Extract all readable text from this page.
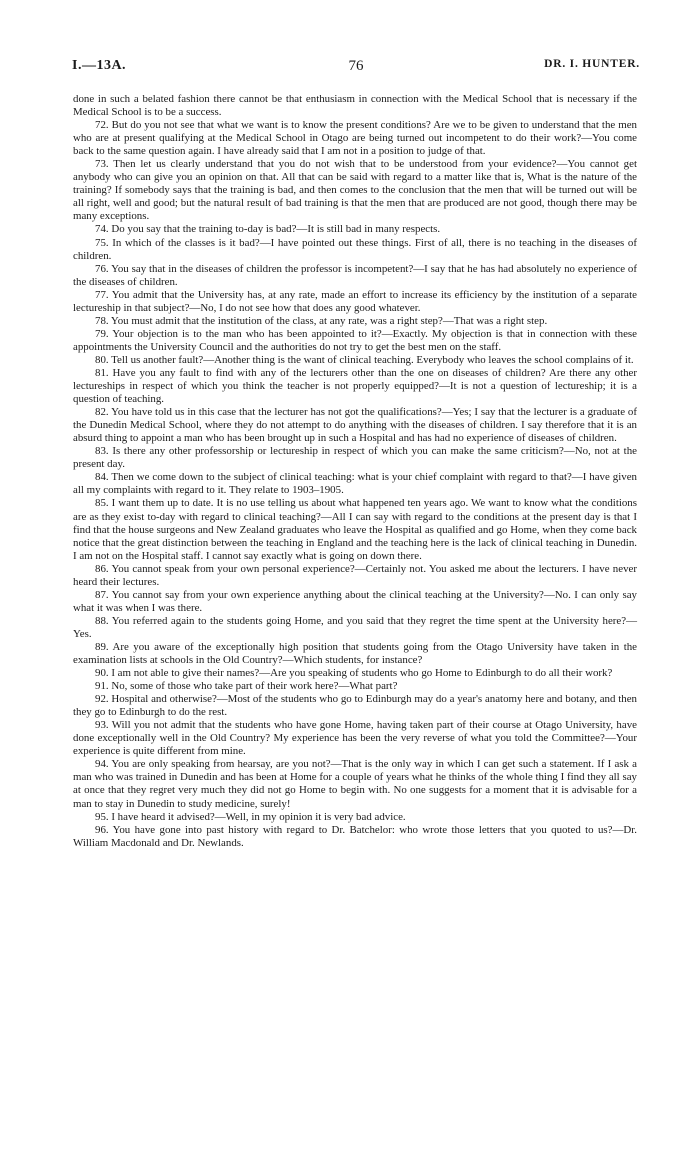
I.—13A.	76	DR. I. HUNTER.

done in such a belated fashion there cannot be that enthusiasm in connection with the Medical School that is necessary if the Medical School is to be a success.

72. But do you not see that what we want is to know the present conditions? Are we to be given to understand that the men who are at present qualifying at the Medical School in Otago are being turned out incompetent to do their work?—You come back to the same question again. I have already said that I am not in a position to judge of that.

73. Then let us clearly understand that you do not wish that to be understood from your evidence?—You cannot get anybody who can give you an opinion on that. All that can be said with regard to a matter like that is, What is the nature of the training? If somebody says that the training is bad, and then comes to the conclusion that the men that will be turned out will be all right, well and good; but the natural result of bad training is that the men that are produced are not good, though there may be many exceptions.

74. Do you say that the training to-day is bad?—It is still bad in many respects.

75. In which of the classes is it bad?—I have pointed out these things. First of all, there is no teaching in the diseases of children.

76. You say that in the diseases of children the professor is incompetent?—I say that he has had absolutely no experience of the diseases of children.

77. You admit that the University has, at any rate, made an effort to increase its efficiency by the institution of a separate lectureship in that subject?—No, I do not see how that does any good whatever.

78. You must admit that the institution of the class, at any rate, was a right step?—That was a right step.

79. Your objection is to the man who has been appointed to it?—Exactly. My objection is that in connection with these appointments the University Council and the authorities do not try to get the best men on the staff.

80. Tell us another fault?—Another thing is the want of clinical teaching. Everybody who leaves the school complains of it.

81. Have you any fault to find with any of the lecturers other than the one on diseases of children? Are there any other lectureships in respect of which you think the teacher is not properly equipped?—It is not a question of lectureship; it is a question of teaching.

82. You have told us in this case that the lecturer has not got the qualifications?—Yes; I say that the lecturer is a graduate of the Dunedin Medical School, where they do not attempt to do anything with the diseases of children. I say therefore that it is an absurd thing to appoint a man who has been brought up in such a Hospital and has had no experience of diseases of children.

83. Is there any other professorship or lectureship in respect of which you can make the same criticism?—No, not at the present day.

84. Then we come down to the subject of clinical teaching: what is your chief complaint with regard to that?—I have given all my complaints with regard to it. They relate to 1903–1905.

85. I want them up to date. It is no use telling us about what happened ten years ago. We want to know what the conditions are as they exist to-day with regard to clinical teaching?—All I can say with regard to the conditions at the present day is that I find that the house surgeons and New Zealand graduates who leave the Hospital as qualified and go Home, when they come back notice that the great distinction between the teaching in England and the teaching here is the lack of clinical teaching in Dunedin. I am not on the Hospital staff. I cannot say exactly what is going on down there.

86. You cannot speak from your own personal experience?—Certainly not. You asked me about the lecturers. I have never heard their lectures.

87. You cannot say from your own experience anything about the clinical teaching at the University?—No. I can only say what it was when I was there.

88. You referred again to the students going Home, and you said that they regret the time spent at the University here?—Yes.

89. Are you aware of the exceptionally high position that students going from the Otago University have taken in the examination lists at schools in the Old Country?—Which students, for instance?

90. I am not able to give their names?—Are you speaking of students who go Home to Edinburgh to do all their work?

91. No, some of those who take part of their work here?—What part?

92. Hospital and otherwise?—Most of the students who go to Edinburgh may do a year's anatomy here and botany, and then they go to Edinburgh to do the rest.

93. Will you not admit that the students who have gone Home, having taken part of their course at Otago University, have done exceptionally well in the Old Country? My experience has been the very reverse of what you told the Committee?—Your experience is quite different from mine.

94. You are only speaking from hearsay, are you not?—That is the only way in which I can get such a statement. If I ask a man who was trained in Dunedin and has been at Home for a couple of years what he thinks of the whole thing I find they all say at once that they regret very much they did not go Home to begin with. No one suggests for a moment that it is advisable for a man to stay in Dunedin to study medicine, surely!

95. I have heard it advised?—Well, in my opinion it is very bad advice.

96. You have gone into past history with regard to Dr. Batchelor: who wrote those letters that you quoted to us?—Dr. William Macdonald and Dr. Newlands.
